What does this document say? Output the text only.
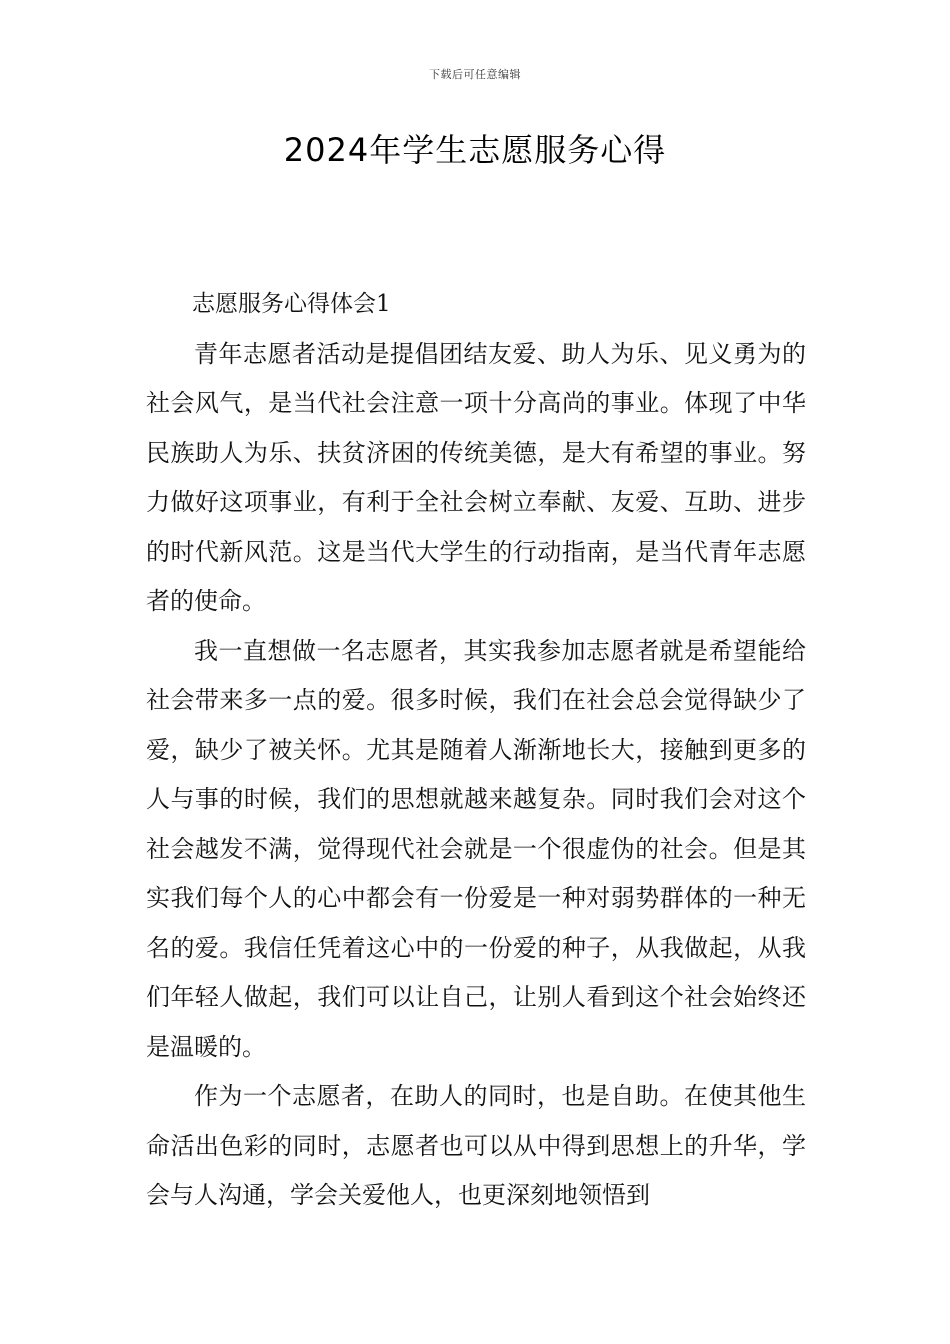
下载后可任意编辑
2024年学生志愿服务心得

志愿服务心得体会1

青年志愿者活动是提倡团结友爱、助人为乐、见义勇为的社会风气，是当代社会注意一项十分高尚的事业。体现了中华民族助人为乐、扶贫济困的传统美德，是大有希望的事业。努力做好这项事业，有利于全社会树立奉献、友爱、互助、进步的时代新风范。这是当代大学生的行动指南，是当代青年志愿者的使命。

我一直想做一名志愿者，其实我参加志愿者就是希望能给社会带来多一点的爱。很多时候，我们在社会总会觉得缺少了爱，缺少了被关怀。尤其是随着人渐渐地长大，接触到更多的人与事的时候，我们的思想就越来越复杂。同时我们会对这个社会越发不满，觉得现代社会就是一个很虚伪的社会。但是其实我们每个人的心中都会有一份爱是一种对弱势群体的一种无名的爱。我信任凭着这心中的一份爱的种子，从我做起，从我们年轻人做起，我们可以让自己，让别人看到这个社会始终还是温暖的。

作为一个志愿者，在助人的同时，也是自助。在使其他生命活出色彩的同时，志愿者也可以从中得到思想上的升华，学会与人沟通，学会关爱他人，也更深刻地领悟到
